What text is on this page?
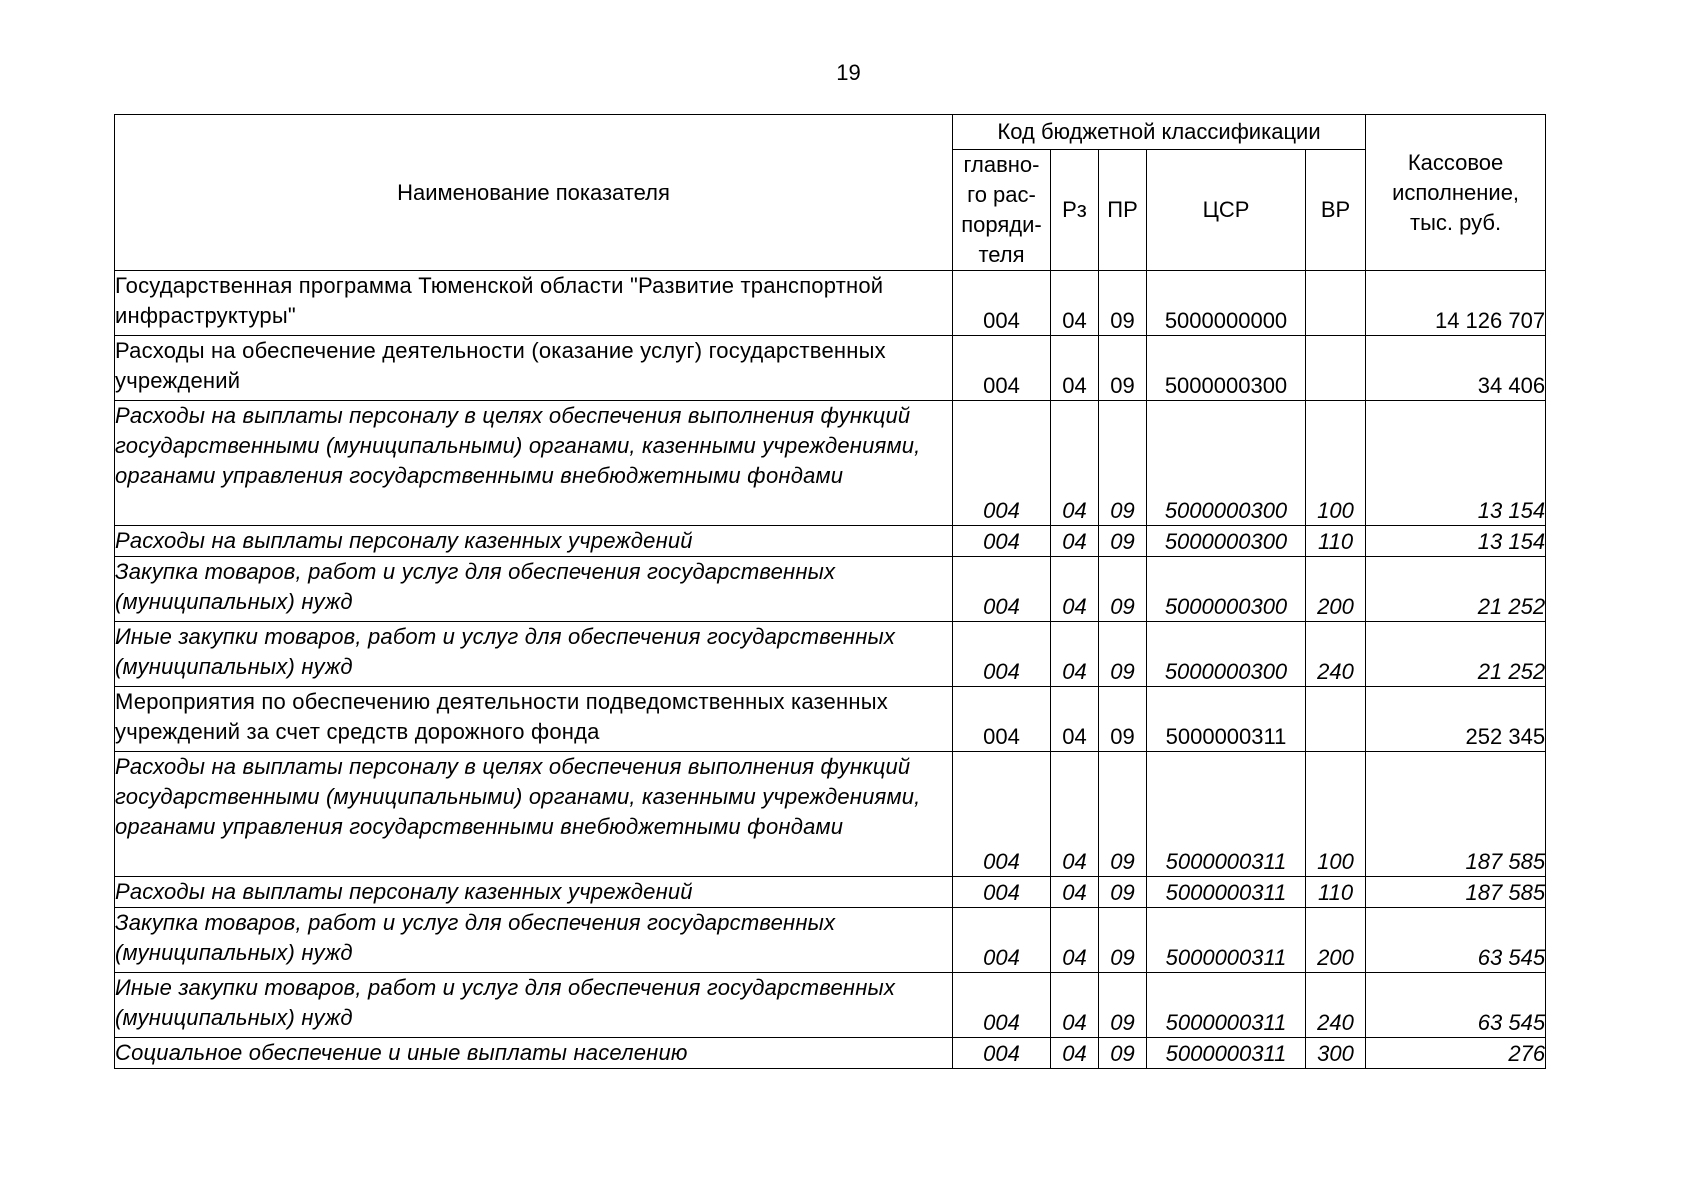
19
Наименование показателя	Код бюджетной классификации					Кассовое исполнение, тыс. руб.
	главно-го рас-поряди-теля	Рз	ПР	ЦСР	ВР	
Государственная программа Тюменской области "Развитие транспортной инфраструктуры"	004	04	09	5000000000		14 126 707
Расходы на обеспечение деятельности (оказание услуг) государственных учреждений	004	04	09	5000000300		34 406
Расходы на выплаты персоналу в целях обеспечения выполнения функций государственными (муниципальными) органами, казенными учреждениями, органами управления государственными внебюджетными фондами	004	04	09	5000000300	100	13 154
Расходы на выплаты персоналу казенных учреждений	004	04	09	5000000300	110	13 154
Закупка товаров, работ и услуг для обеспечения государственных (муниципальных) нужд	004	04	09	5000000300	200	21 252
Иные закупки товаров, работ и услуг для обеспечения государственных (муниципальных) нужд	004	04	09	5000000300	240	21 252
Мероприятия по обеспечению деятельности подведомственных казенных учреждений за счет средств дорожного фонда	004	04	09	5000000311		252 345
Расходы на выплаты персоналу в целях обеспечения выполнения функций государственными (муниципальными) органами, казенными учреждениями, органами управления государственными внебюджетными фондами	004	04	09	5000000311	100	187 585
Расходы на выплаты персоналу казенных учреждений	004	04	09	5000000311	110	187 585
Закупка товаров, работ и услуг для обеспечения государственных (муниципальных) нужд	004	04	09	5000000311	200	63 545
Иные закупки товаров, работ и услуг для обеспечения государственных (муниципальных) нужд	004	04	09	5000000311	240	63 545
Социальное обеспечение и иные выплаты населению	004	04	09	5000000311	300	276
